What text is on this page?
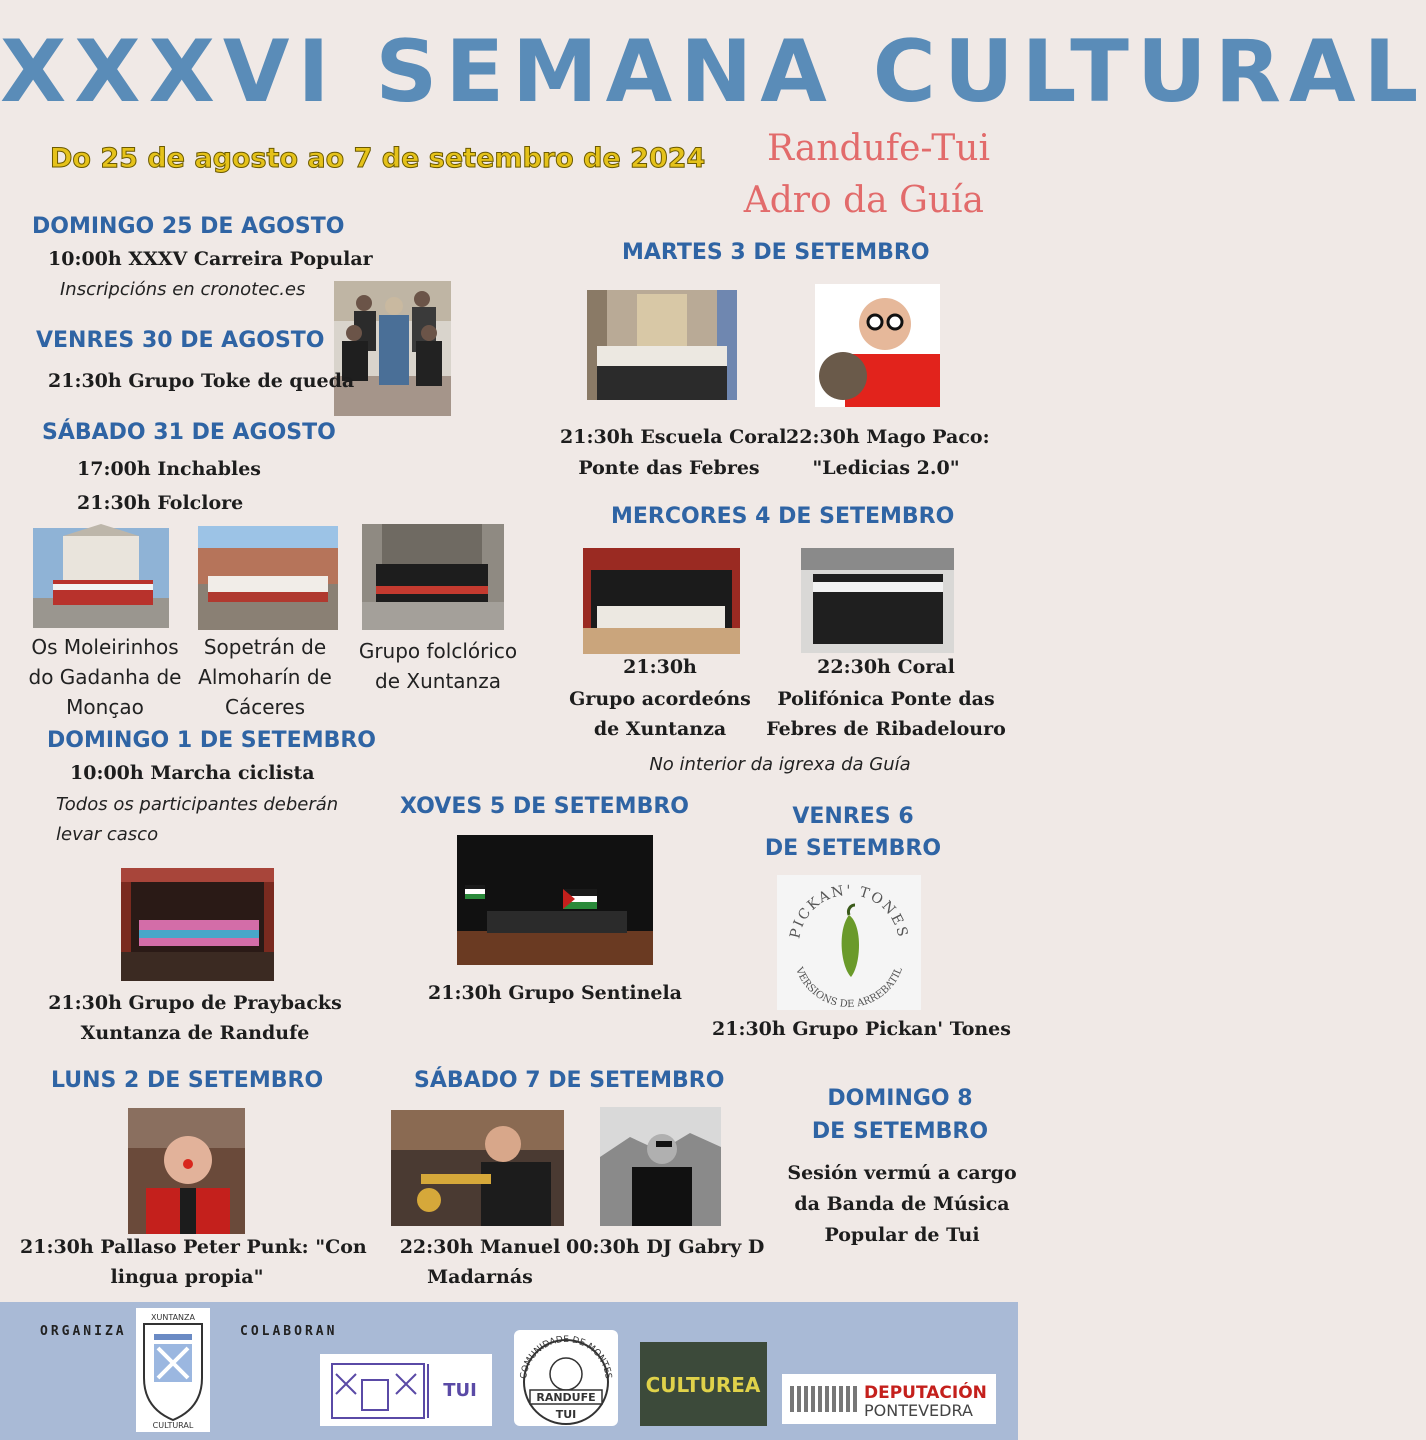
XXXVI SEMANA CULTURAL
Do 25 de agosto ao 7 de setembro de 2024 Randufe-Tui
Adro da Guía
DOMINGO 25 DE AGOSTO
10:00h XXXV Carreira Popular
Inscripcións en cronotec.es
VENRES 30 DE AGOSTO
21:30h Grupo Toke de queda
SÁBADO 31 DE AGOSTO
17:00h Inchables
21:30h Folclore
Os Moleirinhos
do Gadanha de
Monçao
Sopetrán de
Almoharín de
Cáceres
Grupo folclórico
de Xuntanza
DOMINGO 1 DE SETEMBRO
10:00h Marcha ciclista
Todos os participantes deberán
levar casco
21:30h Grupo de Praybacks
Xuntanza de Randufe
LUNS 2 DE SETEMBRO
21:30h Pallaso Peter Punk: "Con
lingua propia"
MARTES 3 DE SETEMBRO
21:30h Escuela Coral
Ponte das Febres
22:30h Mago Paco:
"Ledicias 2.0"
MERCORES 4 DE SETEMBRO
21:30h
Grupo acordeóns
de Xuntanza
22:30h Coral
Polifónica Ponte das
Febres de Ribadelouro
No interior da igrexa da Guía
XOVES 5 DE SETEMBRO
21:30h Grupo Sentinela
VENRES 6
DE SETEMBRO
PICKAN' TONES
VERSIONS DE ARREBATIL
21:30h Grupo Pickan' Tones
SÁBADO 7 DE SETEMBRO
22:30h Manuel
Madarnás
00:30h DJ Gabry D
DOMINGO 8
DE SETEMBRO
Sesión vermú a cargo
da Banda de Música
Popular de Tui
ORGANIZA	COLABORAN
XUNTANZA
CULTURAL
TUI
COMUNIDADE DE MONTES
RANDUFE
TUI
CULTUREA	DEPUTACIÓN
PONTEVEDRA
